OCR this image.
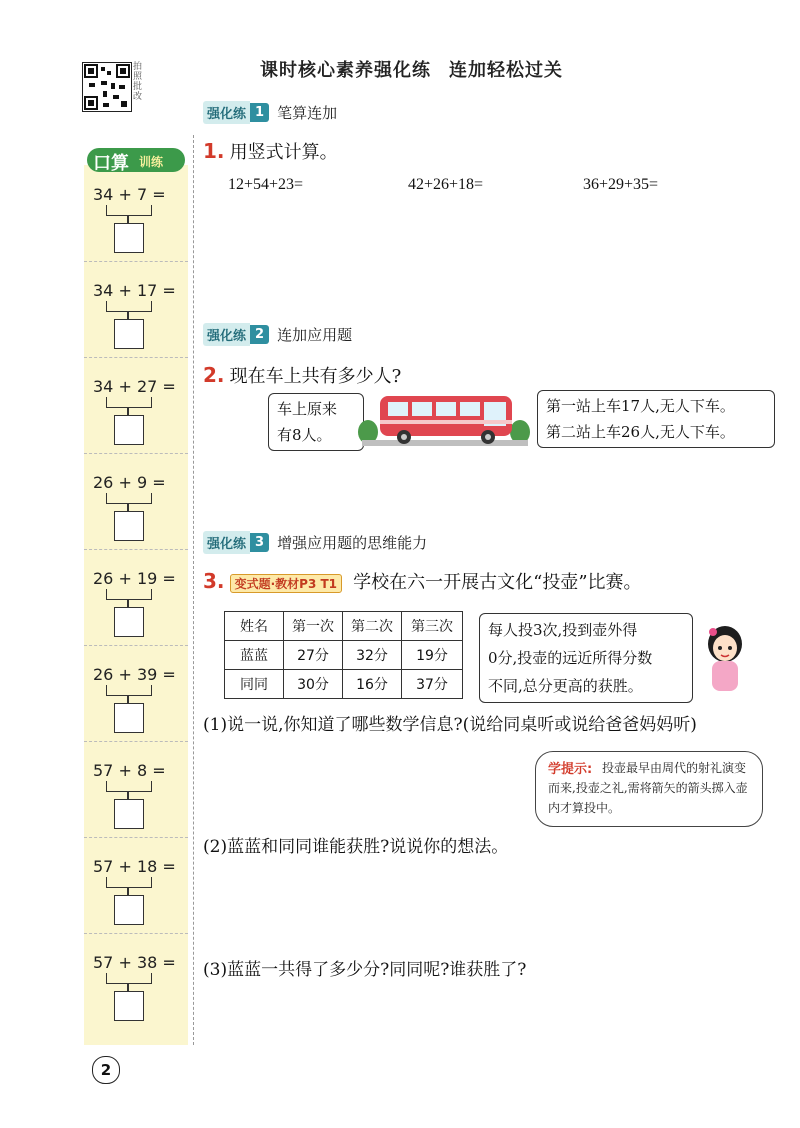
拍照批改
课时核心素养强化练 连加轻松过关
34 + 7 =
34 + 17 =
34 + 27 =
26 + 9 =
26 + 19 =
26 + 39 =
57 + 8 =
57 + 18 =
57 + 38 =
口算 训练
强化练 1 笔算连加
1. 用竖式计算。
12+54+23=	42+26+18=	36+29+35=
强化练 2 连加应用题
2. 现在车上共有多少人?
车上原来
有8人。
第一站上车17人,无人下车。
第二站上车26人,无人下车。
强化练 3 增强应用题的思维能力
3. 变式题·教材P3 T1 学校在六一开展古文化“投壶”比赛。
姓名	第一次	第二次	第三次
蓝蓝	27分	32分	19分
同同	30分	16分	37分
每人投3次,投到壶外得
0分,投壶的远近所得分数
不同,总分更高的获胜。
(1)说一说,你知道了哪些数学信息?(说给同桌听或说给爸爸妈妈听)
学提示: 投壶最早由周代的射礼演变而来,投壶之礼,需将箭矢的箭头掷入壶内才算投中。
(2)蓝蓝和同同谁能获胜?说说你的想法。
(3)蓝蓝一共得了多少分?同同呢?谁获胜了?
2
